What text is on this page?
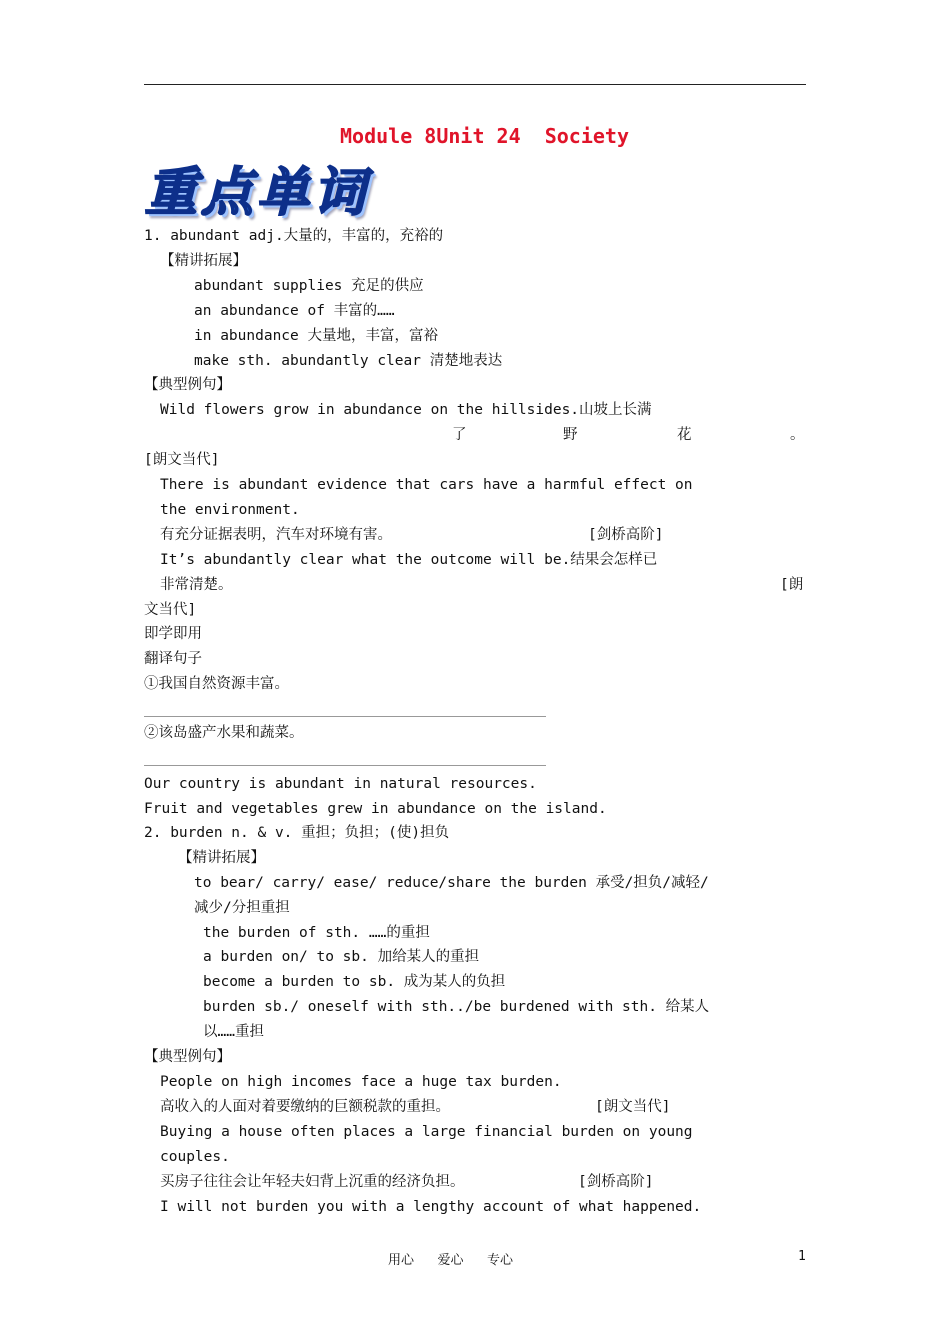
Module 8Unit 24  Society
重点单词
1. abundant adj.大量的，丰富的，充裕的
【精讲拓展】
abundant supplies 充足的供应
an abundance of 丰富的……
in abundance 大量地，丰富，富裕
make sth. abundantly clear 清楚地表达
【典型例句】
Wild flowers grow in abundance on the hillsides.山坡上长满
了	野	花	。
[朗文当代]
There is abundant evidence that cars have a harmful effect on
the environment.
有充分证据表明，汽车对环境有害。	[剑桥高阶]
It’s abundantly clear what the outcome will be.结果会怎样已
非常清楚。	[朗
文当代]
即学即用
翻译句子
①我国自然资源丰富。
②该岛盛产水果和蔬菜。
Our country is abundant in natural resources.
Fruit and vegetables grew in abundance on the island.
2. burden n. & v. 重担；负担；(使)担负
【精讲拓展】
to bear/ carry/ ease/ reduce/share the burden 承受/担负/减轻/
减少/分担重担
the burden of sth. ……的重担
a burden on/ to sb. 加给某人的重担
become a burden to sb. 成为某人的负担
burden sb./ oneself with sth../be burdened with sth. 给某人
以……重担
【典型例句】
People on high incomes face a huge tax burden.
高收入的人面对着要缴纳的巨额税款的重担。	[朗文当代]
Buying a house often places a large financial burden on young
couples.
买房子往往会让年轻夫妇背上沉重的经济负担。	[剑桥高阶]
I will not burden you with a lengthy account of what happened.
用心   爱心   专心	1
